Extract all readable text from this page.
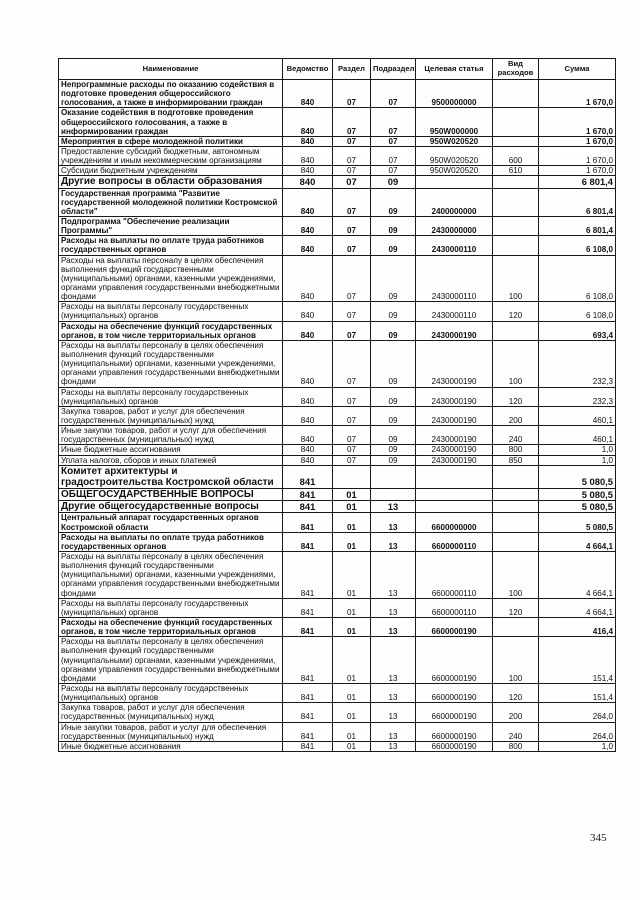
Наименование	Ведомство	Раздел	Подраздел	Целевая статья	Вид расходов	Сумма
Непрограммные расходы по оказанию содействия в подготовке проведения общероссийского голосования, а также в информировании граждан	840	07	07	9500000000		1 670,0
Оказание содействия в подготовке проведения общероссийского голосования, а также в информировании граждан	840	07	07	950W000000		1 670,0
Мероприятия в сфере молодежной политики	840	07	07	950W020520		1 670,0
Предоставление субсидий бюджетным, автономным учреждениям и иным некоммерческим организациям	840	07	07	950W020520	600	1 670,0
Субсидии бюджетным учреждениям	840	07	07	950W020520	610	1 670,0
Другие вопросы в области образования	840	07	09			6 801,4
Государственная программа "Развитие государственной молодежной политики Костромской области"	840	07	09	2400000000		6 801,4
Подпрограмма "Обеспечение реализации Программы"	840	07	09	2430000000		6 801,4
Расходы на выплаты по оплате труда работников государственных органов	840	07	09	2430000110		6 108,0
Расходы на выплаты персоналу в целях обеспечения выполнения функций государственными (муниципальными) органами, казенными учреждениями, органами управления государственными внебюджетными фондами	840	07	09	2430000110	100	6 108,0
Расходы на выплаты персоналу государственных (муниципальных) органов	840	07	09	2430000110	120	6 108,0
Расходы на обеспечение функций государственных органов, в том числе территориальных органов	840	07	09	2430000190		693,4
Расходы на выплаты персоналу в целях обеспечения выполнения функций государственными (муниципальными) органами, казенными учреждениями, органами управления государственными внебюджетными фондами	840	07	09	2430000190	100	232,3
Расходы на выплаты персоналу государственных (муниципальных) органов	840	07	09	2430000190	120	232,3
Закупка товаров, работ и услуг для обеспечения государственных (муниципальных) нужд	840	07	09	2430000190	200	460,1
Иные закупки товаров, работ и услуг для обеспечения государственных (муниципальных) нужд	840	07	09	2430000190	240	460,1
Иные бюджетные ассигнования	840	07	09	2430000190	800	1,0
Уплата налогов, сборов и иных платежей	840	07	09	2430000190	850	1,0
Комитет архитектуры и градостроительства Костромской области	841					5 080,5
ОБЩЕГОСУДАРСТВЕННЫЕ ВОПРОСЫ	841	01				5 080,5
Другие общегосударственные вопросы	841	01	13			5 080,5
Центральный аппарат государственных органов Костромской области	841	01	13	6600000000		5 080,5
Расходы на выплаты по оплате труда работников государственных органов	841	01	13	6600000110		4 664,1
Расходы на выплаты персоналу в целях обеспечения выполнения функций государственными (муниципальными) органами, казенными учреждениями, органами управления государственными внебюджетными фондами	841	01	13	6600000110	100	4 664,1
Расходы на выплаты персоналу государственных (муниципальных) органов	841	01	13	6600000110	120	4 664,1
Расходы на обеспечение функций государственных органов, в том числе территориальных органов	841	01	13	6600000190		416,4
Расходы на выплаты персоналу в целях обеспечения выполнения функций государственными (муниципальными) органами, казенными учреждениями, органами управления государственными внебюджетными фондами	841	01	13	6600000190	100	151,4
Расходы на выплаты персоналу государственных (муниципальных) органов	841	01	13	6600000190	120	151,4
Закупка товаров, работ и услуг для обеспечения государственных (муниципальных) нужд	841	01	13	6600000190	200	264,0
Иные закупки товаров, работ и услуг для обеспечения государственных (муниципальных) нужд	841	01	13	6600000190	240	264,0
Иные бюджетные ассигнования	841	01	13	6600000190	800	1,0
345
